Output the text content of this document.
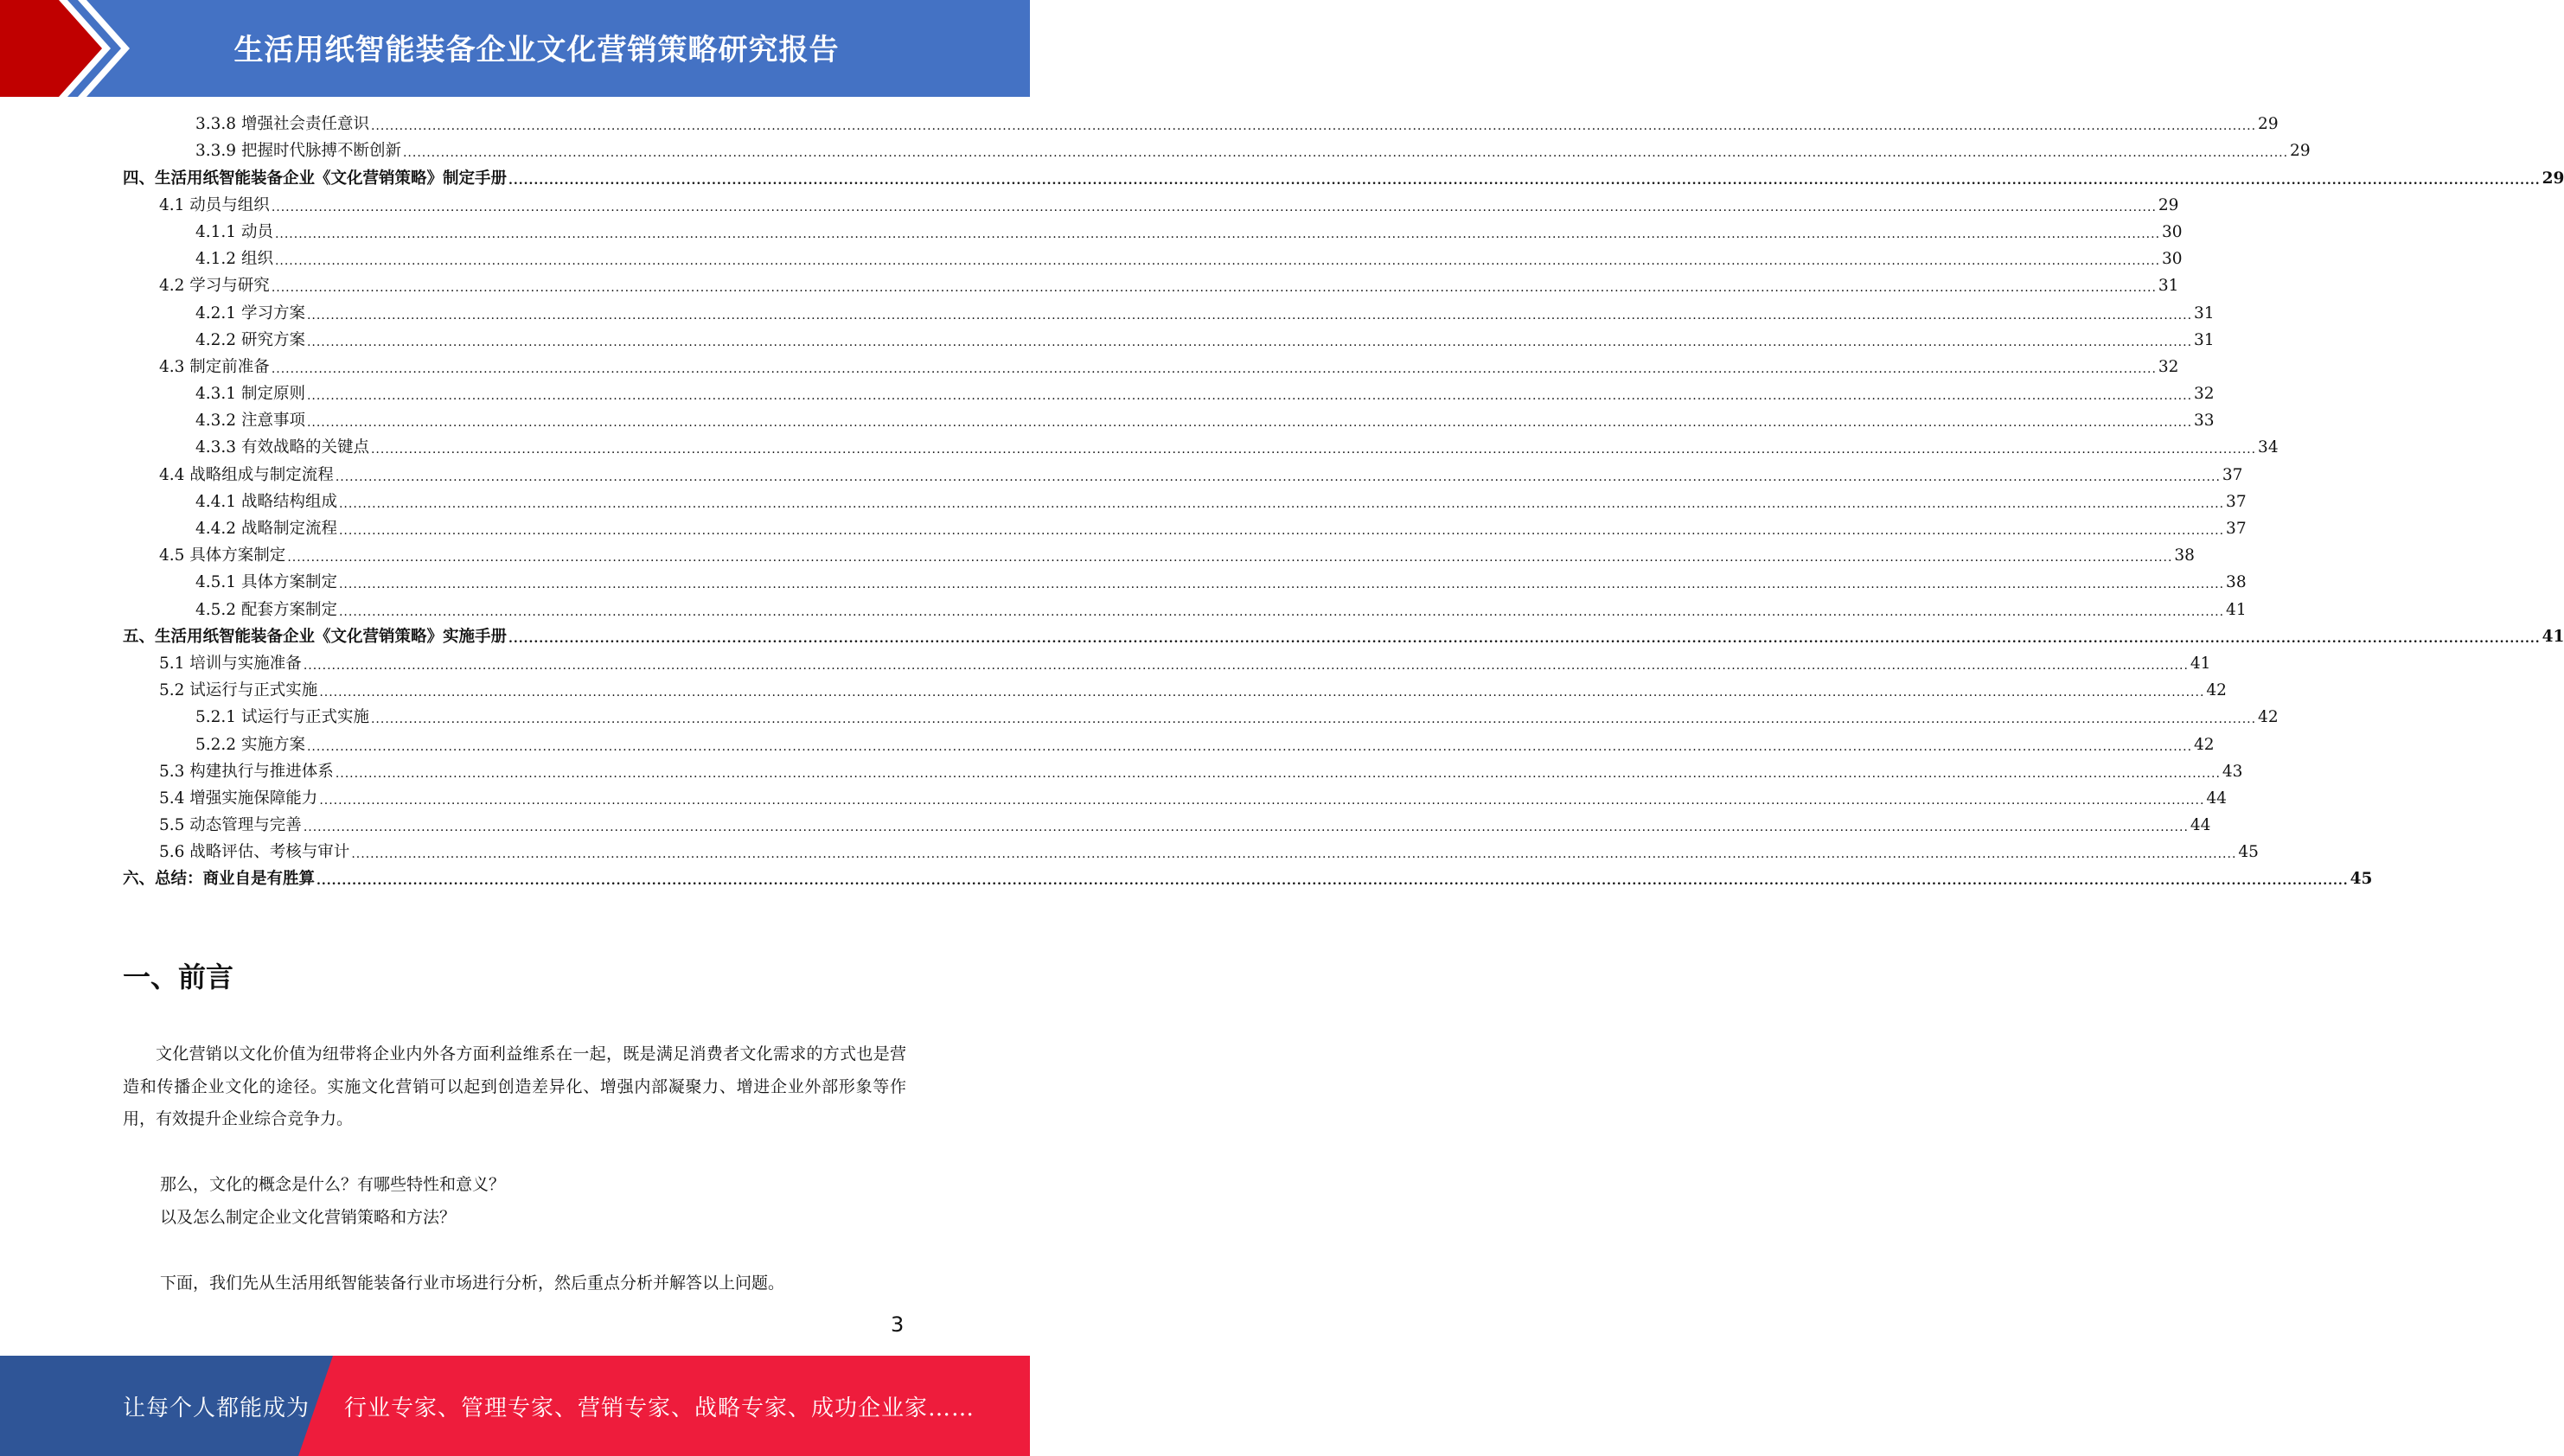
生活用纸智能装备企业文化营销策略研究报告
3.3.8 增强社会责任意识 ................................................................................................................................................................................................................................................................................................................................................................................................................ 29
3.3.9 把握时代脉搏不断创新 ................................................................................................................................................................................................................................................................................................................................................................................................................ 29
四、生活用纸智能装备企业《文化营销策略》制定手册 ................................................................................................................................................................................................................................................................................................................................................................................................................ 29
4.1 动员与组织 ................................................................................................................................................................................................................................................................................................................................................................................................................ 29
4.1.1 动员 ................................................................................................................................................................................................................................................................................................................................................................................................................ 30
4.1.2 组织 ................................................................................................................................................................................................................................................................................................................................................................................................................ 30
4.2 学习与研究 ................................................................................................................................................................................................................................................................................................................................................................................................................ 31
4.2.1 学习方案 ................................................................................................................................................................................................................................................................................................................................................................................................................ 31
4.2.2 研究方案 ................................................................................................................................................................................................................................................................................................................................................................................................................ 31
4.3 制定前准备 ................................................................................................................................................................................................................................................................................................................................................................................................................ 32
4.3.1 制定原则 ................................................................................................................................................................................................................................................................................................................................................................................................................ 32
4.3.2 注意事项 ................................................................................................................................................................................................................................................................................................................................................................................................................ 33
4.3.3 有效战略的关键点 ................................................................................................................................................................................................................................................................................................................................................................................................................ 34
4.4 战略组成与制定流程 ................................................................................................................................................................................................................................................................................................................................................................................................................ 37
4.4.1 战略结构组成 ................................................................................................................................................................................................................................................................................................................................................................................................................ 37
4.4.2 战略制定流程 ................................................................................................................................................................................................................................................................................................................................................................................................................ 37
4.5 具体方案制定 ................................................................................................................................................................................................................................................................................................................................................................................................................ 38
4.5.1 具体方案制定 ................................................................................................................................................................................................................................................................................................................................................................................................................ 38
4.5.2 配套方案制定 ................................................................................................................................................................................................................................................................................................................................................................................................................ 41
五、生活用纸智能装备企业《文化营销策略》实施手册 ................................................................................................................................................................................................................................................................................................................................................................................................................ 41
5.1 培训与实施准备 ................................................................................................................................................................................................................................................................................................................................................................................................................ 41
5.2 试运行与正式实施 ................................................................................................................................................................................................................................................................................................................................................................................................................ 42
5.2.1 试运行与正式实施 ................................................................................................................................................................................................................................................................................................................................................................................................................ 42
5.2.2 实施方案 ................................................................................................................................................................................................................................................................................................................................................................................................................ 42
5.3 构建执行与推进体系 ................................................................................................................................................................................................................................................................................................................................................................................................................ 43
5.4 增强实施保障能力 ................................................................................................................................................................................................................................................................................................................................................................................................................ 44
5.5 动态管理与完善 ................................................................................................................................................................................................................................................................................................................................................................................................................ 44
5.6 战略评估、考核与审计 ................................................................................................................................................................................................................................................................................................................................................................................................................ 45
六、总结：商业自是有胜算 ................................................................................................................................................................................................................................................................................................................................................................................................................ 45
一、前言

文化营销以文化价值为纽带将企业内外各方面利益维系在一起，既是满足消费者文化需求的方式也是营造和传播企业文化的途径。实施文化营销可以起到创造差异化、增强内部凝聚力、增进企业外部形象等作用，有效提升企业综合竞争力。

那么，文化的概念是什么？有哪些特性和意义？

以及怎么制定企业文化营销策略和方法？

下面，我们先从生活用纸智能装备行业市场进行分析，然后重点分析并解答以上问题。

3
让每个人都能成为 行业专家、管理专家、营销专家、战略专家、成功企业家……
